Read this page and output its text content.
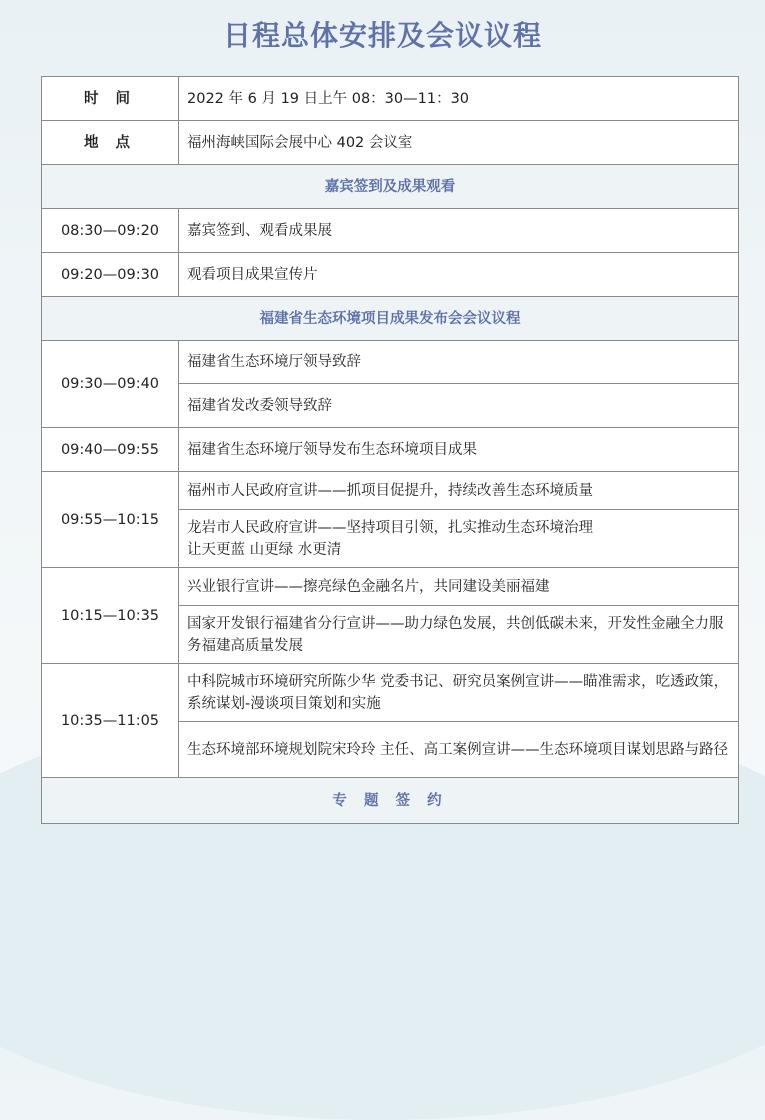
日程总体安排及会议议程
时 间	2022 年 6 月 19 日上午 08：30—11：30
地 点	福州海峡国际会展中心 402 会议室
嘉宾签到及成果观看	
08:30—09:20	嘉宾签到、观看成果展
09:20—09:30	观看项目成果宣传片
福建省生态环境项目成果发布会会议议程	
09:30—09:40	福建省生态环境厅领导致辞
	福建省发改委领导致辞
09:40—09:55	福建省生态环境厅领导发布生态环境项目成果
09:55—10:15	福州市人民政府宣讲——抓项目促提升，持续改善生态环境质量

	龙岩市人民政府宣讲——坚持项目引领，扎实推动生态环境治理
让天更蓝 山更绿 水更清

10:15—10:35	兴业银行宣讲——擦亮绿色金融名片，共同建设美丽福建
	国家开发银行福建省分行宣讲——助力绿色发展，共创低碳未来，开发性金融全力服务福建高质量发展
10:35—11:05	中科院城市环境研究所陈少华 党委书记、研究员案例宣讲——瞄准需求，吃透政策，系统谋划-漫谈项目策划和实施
	生态环境部环境规划院宋玲玲 主任、高工案例宣讲——生态环境项目谋划思路与路径
专 题 签 约	
